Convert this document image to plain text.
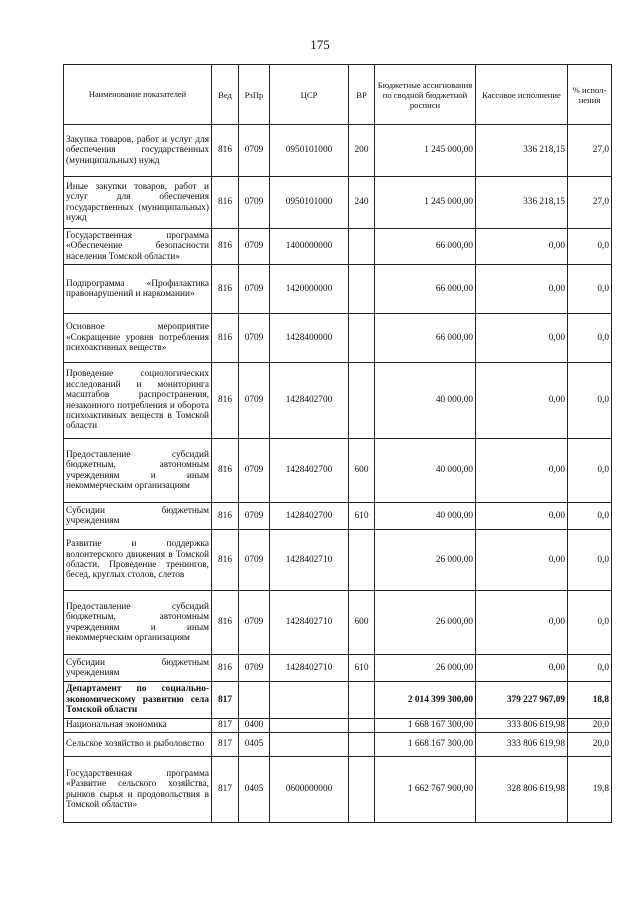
175
Наименование показателей	Вед	РзПр	ЦСР	ВР	Бюджетные ассигнования по сводной бюджетной росписи	Кассовое исполнение	% испол-нения
Закупка товаров, работ и услуг для обеспечения государственных (муниципальных) нужд	816	0709	0950101000	200	1 245 000,00	336 218,15	27,0
Иные закупки товаров, работ и услуг для обеспечения государственных (муниципальных) нужд	816	0709	0950101000	240	1 245 000,00	336 218,15	27,0
Государственная программа «Обеспечение безопасности населения Томской области»	816	0709	1400000000		66 000,00	0,00	0,0
Подпрограмма «Профилактика правонарушений и наркомании»	816	0709	1420000000		66 000,00	0,00	0,0
Основное мероприятие «Сокращение уровня потребления психоактивных веществ»	816	0709	1428400000		66 000,00	0,00	0,0
Проведение социологических исследований и мониторинга масштабов распространения, незаконного потребления и оборота психоактивных веществ в Томской области	816	0709	1428402700		40 000,00	0,00	0,0
Предоставление субсидий бюджетным, автономным учреждениям и иным некоммерческим организациям	816	0709	1428402700	600	40 000,00	0,00	0,0
Субсидии бюджетным учреждениям	816	0709	1428402700	610	40 000,00	0,00	0,0
Развитие и поддержка волонтерского движения в Томской области. Проведение тренингов, бесед, круглых столов, слетов	816	0709	1428402710		26 000,00	0,00	0,0
Предоставление субсидий бюджетным, автономным учреждениям и иным некоммерческим организациям	816	0709	1428402710	600	26 000,00	0,00	0,0
Субсидии бюджетным учреждениям	816	0709	1428402710	610	26 000,00	0,00	0,0
Департамент по социально-экономическому развитию села Томской области	817				2 014 399 300,00	379 227 967,09	18,8
Национальная экономика	817	0400			1 668 167 300,00	333 806 619,98	20,0
Сельское хозяйство и рыболовство	817	0405			1 668 167 300,00	333 806 619,98	20,0
Государственная программа «Развитие сельского хозяйства, рынков сырья и продовольствия в Томской области»	817	0405	0600000000		1 662 767 900,00	328 806 619,98	19,8
